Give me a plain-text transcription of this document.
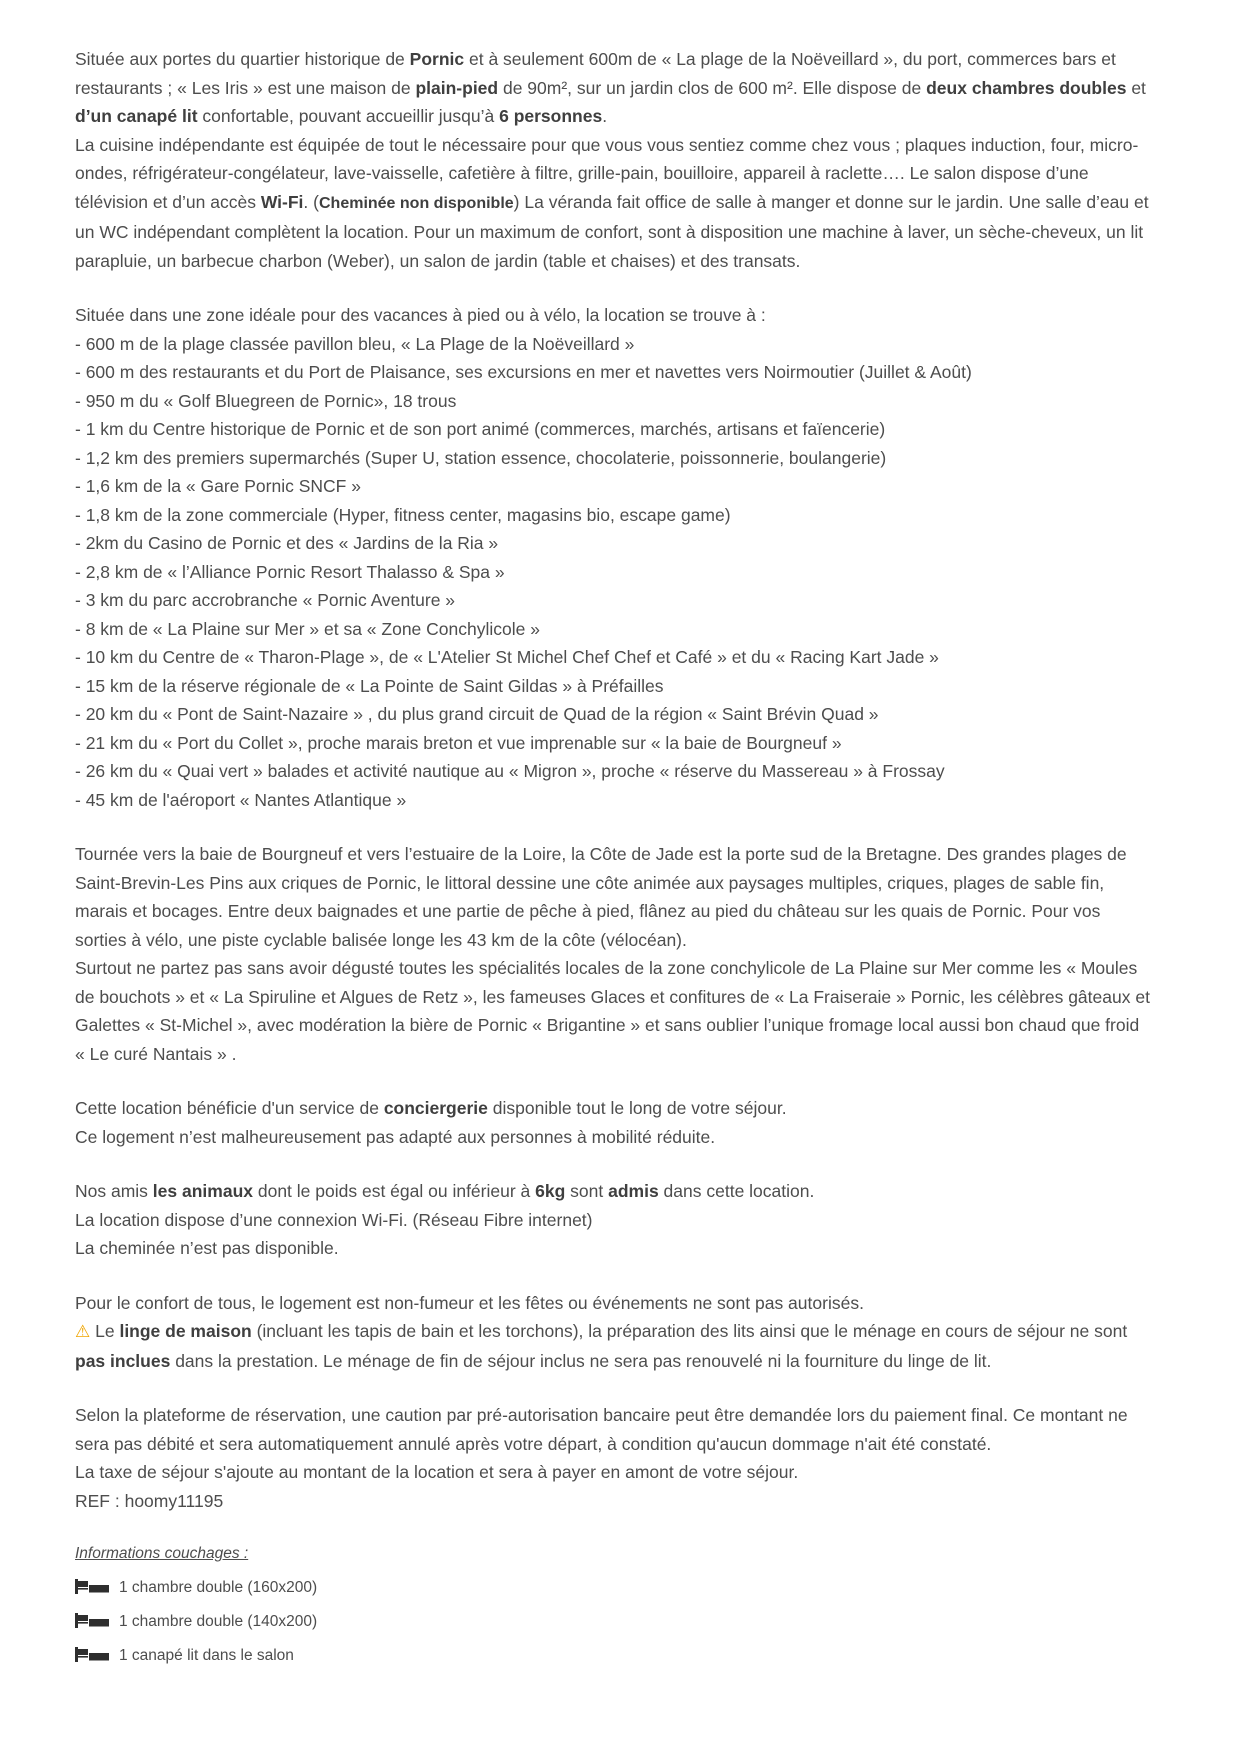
Située aux portes du quartier historique de Pornic et à seulement 600m de « La plage de la Noëveillard », du port, commerces bars et restaurants ; « Les Iris » est une maison de plain-pied de 90m², sur un jardin clos de 600 m². Elle dispose de deux chambres doubles et d’un canapé lit confortable, pouvant accueillir jusqu’à 6 personnes.

La cuisine indépendante est équipée de tout le nécessaire pour que vous vous sentiez comme chez vous ; plaques induction, four, micro-ondes, réfrigérateur-congélateur, lave-vaisselle, cafetière à filtre, grille-pain, bouilloire, appareil à raclette…. Le salon dispose d’une télévision et d’un accès Wi-Fi. (Cheminée non disponible) La véranda fait office de salle à manger et donne sur le jardin. Une salle d’eau et un WC indépendant complètent la location. Pour un maximum de confort, sont à disposition une machine à laver, un sèche-cheveux, un lit parapluie, un barbecue charbon (Weber), un salon de jardin (table et chaises) et des transats.

Située dans une zone idéale pour des vacances à pied ou à vélo, la location se trouve à :
- 600 m de la plage classée pavillon bleu, « La Plage de la Noëveillard »
- 600 m des restaurants et du Port de Plaisance, ses excursions en mer et navettes vers Noirmoutier (Juillet & Août)
- 950 m du « Golf Bluegreen de Pornic», 18 trous
- 1 km du Centre historique de Pornic et de son port animé (commerces, marchés, artisans et faïencerie)
- 1,2 km des premiers supermarchés (Super U, station essence, chocolaterie, poissonnerie, boulangerie)
- 1,6 km de la « Gare Pornic SNCF »
- 1,8 km de la zone commerciale (Hyper, fitness center, magasins bio, escape game)
- 2km du Casino de Pornic et des « Jardins de la Ria »
- 2,8 km de « l’Alliance Pornic Resort Thalasso & Spa »
- 3 km du parc accrobranche « Pornic Aventure »
- 8 km de « La Plaine sur Mer » et sa « Zone Conchylicole »
- 10 km du Centre de « Tharon-Plage », de « L'Atelier St Michel Chef Chef et Café » et du « Racing Kart Jade »
- 15 km de la réserve régionale de « La Pointe de Saint Gildas » à Préfailles
- 20 km du « Pont de Saint-Nazaire » , du plus grand circuit de Quad de la région « Saint Brévin Quad »
- 21 km du « Port du Collet », proche marais breton et vue imprenable sur « la baie de Bourgneuf »
- 26 km du « Quai vert » balades et activité nautique au « Migron », proche « réserve du Massereau » à Frossay
- 45 km de l'aéroport « Nantes Atlantique »

Tournée vers la baie de Bourgneuf et vers l’estuaire de la Loire, la Côte de Jade est la porte sud de la Bretagne. Des grandes plages de Saint-Brevin-Les Pins aux criques de Pornic, le littoral dessine une côte animée aux paysages multiples, criques, plages de sable fin, marais et bocages. Entre deux baignades et une partie de pêche à pied, flânez au pied du château sur les quais de Pornic. Pour vos sorties à vélo, une piste cyclable balisée longe les 43 km de la côte (vélocéan).

Surtout ne partez pas sans avoir dégusté toutes les spécialités locales de la zone conchylicole de La Plaine sur Mer comme les « Moules de bouchots » et « La Spiruline et Algues de Retz », les fameuses Glaces et confitures de « La Fraiseraie » Pornic, les célèbres gâteaux et Galettes « St-Michel », avec modération la bière de Pornic « Brigantine » et sans oublier l’unique fromage local aussi bon chaud que froid « Le curé Nantais » .

Cette location bénéficie d'un service de conciergerie disponible tout le long de votre séjour.
Ce logement n’est malheureusement pas adapté aux personnes à mobilité réduite.
Nos amis les animaux dont le poids est égal ou inférieur à 6kg sont admis dans cette location.
La location dispose d’une connexion Wi-Fi. (Réseau Fibre internet)
La cheminée n’est pas disponible.
Pour le confort de tous, le logement est non-fumeur et les fêtes ou événements ne sont pas autorisés.

⚠ Le linge de maison (incluant les tapis de bain et les torchons), la préparation des lits ainsi que le ménage en cours de séjour ne sont pas inclues dans la prestation. Le ménage de fin de séjour inclus ne sera pas renouvelé ni la fourniture du linge de lit.

Selon la plateforme de réservation, une caution par pré-autorisation bancaire peut être demandée lors du paiement final. Ce montant ne sera pas débité et sera automatiquement annulé après votre départ, à condition qu'aucun dommage n'ait été constaté.

La taxe de séjour s'ajoute au montant de la location et sera à payer en amont de votre séjour.
REF : hoomy11195
Informations couchages :
1 chambre double (160x200)
1 chambre double (140x200)
1 canapé lit dans le salon
